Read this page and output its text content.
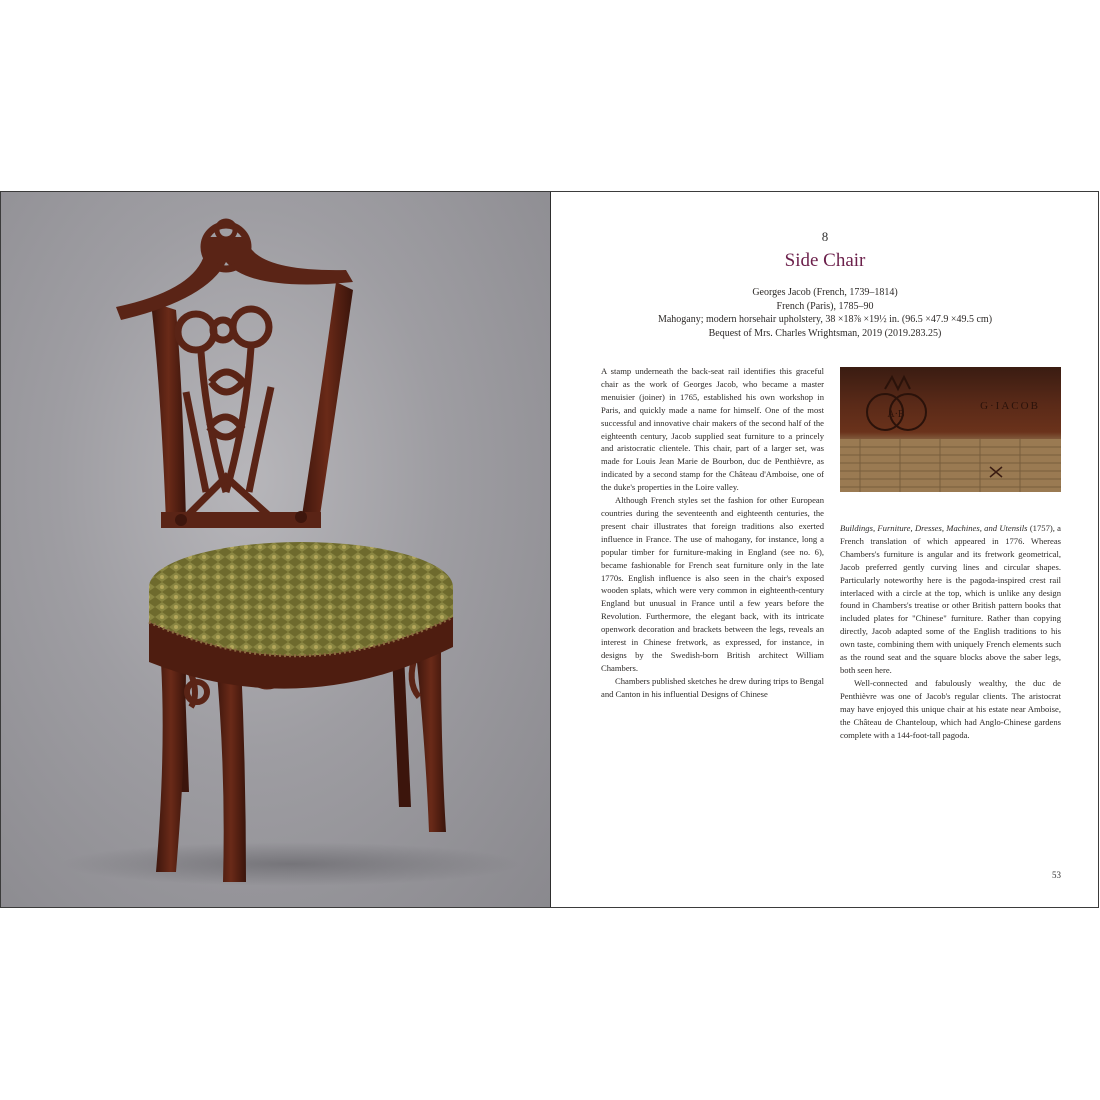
8
Side Chair
Georges Jacob (French, 1739–1814)
French (Paris), 1785–90
Mahogany; modern horsehair upholstery, 38 ×18⅞ ×19½ in. (96.5 ×47.9 ×49.5 cm)
Bequest of Mrs. Charles Wrightsman, 2019 (2019.283.25)

A stamp underneath the back-seat rail identifies this graceful chair as the work of Georges Jacob, who became a master menuisier (joiner) in 1765, established his own workshop in Paris, and quickly made a name for himself. One of the most successful and innovative chair makers of the second half of the eighteenth century, Jacob supplied seat furniture to a princely and aristocratic clientele. This chair, part of a larger set, was made for Louis Jean Marie de Bourbon, duc de Penthièvre, as indicated by a second stamp for the Château d'Amboise, one of the duke's properties in the Loire valley.

Although French styles set the fashion for other European countries during the seventeenth and eighteenth centuries, the present chair illustrates that foreign traditions also exerted influence in France. The use of mahogany, for instance, long a popular timber for furniture-making in England (see no. 6), became fashionable for French seat furniture only in the late 1770s. English influence is also seen in the chair's exposed wooden splats, which were very common in eighteenth-century England but unusual in France until a few years before the Revolution. Furthermore, the elegant back, with its intricate openwork decoration and brackets between the legs, reveals an interest in Chinese fretwork, as expressed, for instance, in designs by the Swedish-born British architect William Chambers.

Chambers published sketches he drew during trips to Bengal and Canton in his influential Designs of Chinese

A·B
G·IACOB

Buildings, Furniture, Dresses, Machines, and Utensils (1757), a French translation of which appeared in 1776. Whereas Chambers's furniture is angular and its fretwork geometrical, Jacob preferred gently curving lines and circular shapes. Particularly noteworthy here is the pagoda-inspired crest rail interlaced with a circle at the top, which is unlike any design found in Chambers's treatise or other British pattern books that included plates for "Chinese" furniture. Rather than copying directly, Jacob adapted some of the English traditions to his own taste, combining them with uniquely French elements such as the round seat and the square blocks above the saber legs, both seen here.

Well-connected and fabulously wealthy, the duc de Penthièvre was one of Jacob's regular clients. The aristocrat may have enjoyed this unique chair at his estate near Amboise, the Château de Chanteloup, which had Anglo-Chinese gardens complete with a 144-foot-tall pagoda.

53
